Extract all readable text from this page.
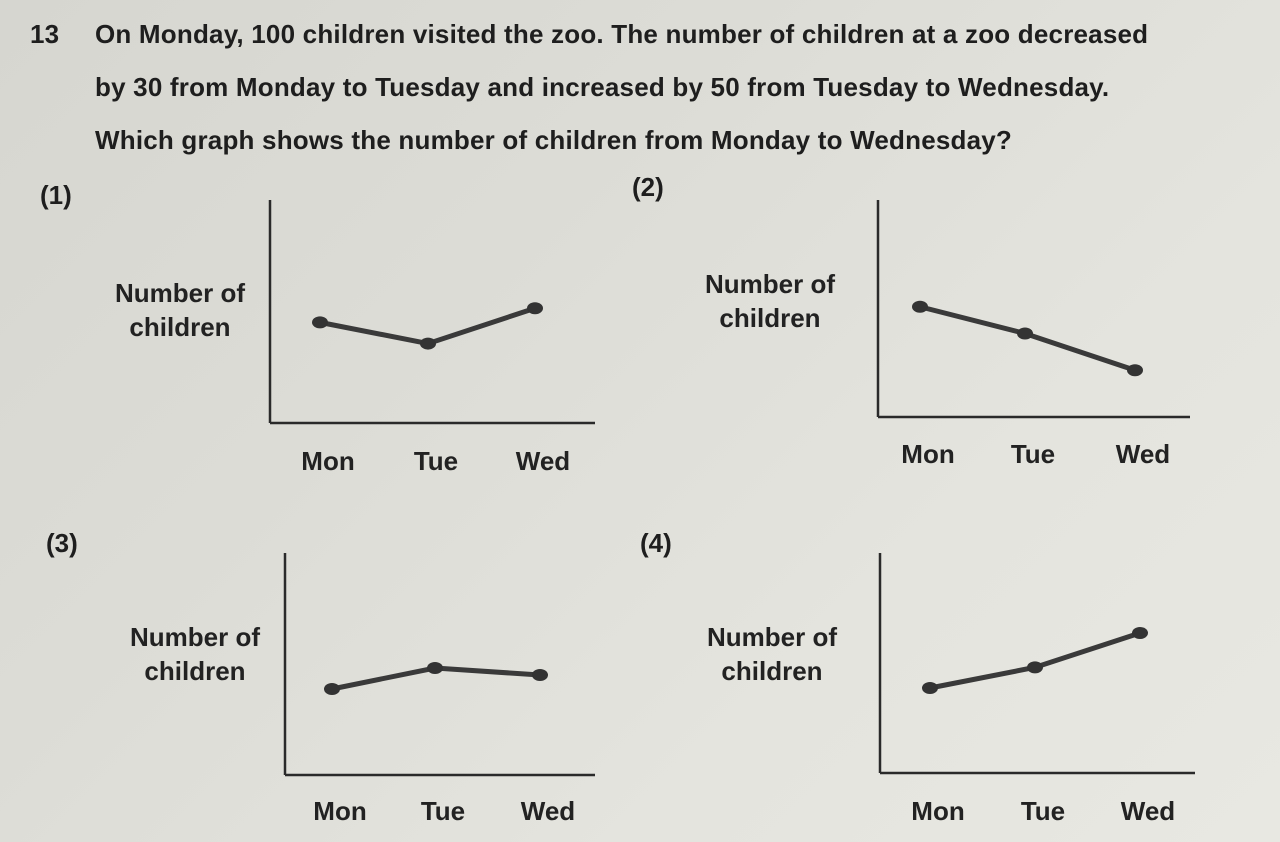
13 On Monday, 100 children visited the zoo. The number of children at a zoo decreased
by 30 from Monday to Tuesday and increased by 50 from Tuesday to Wednesday.
Which graph shows the number of children from Monday to Wednesday?
(1)
Number of children
Mon Tue Wed
(2)
Number of children
Mon Tue Wed
(3)
Number of children
Mon Tue Wed
(4)
Number of children
Mon Tue Wed
